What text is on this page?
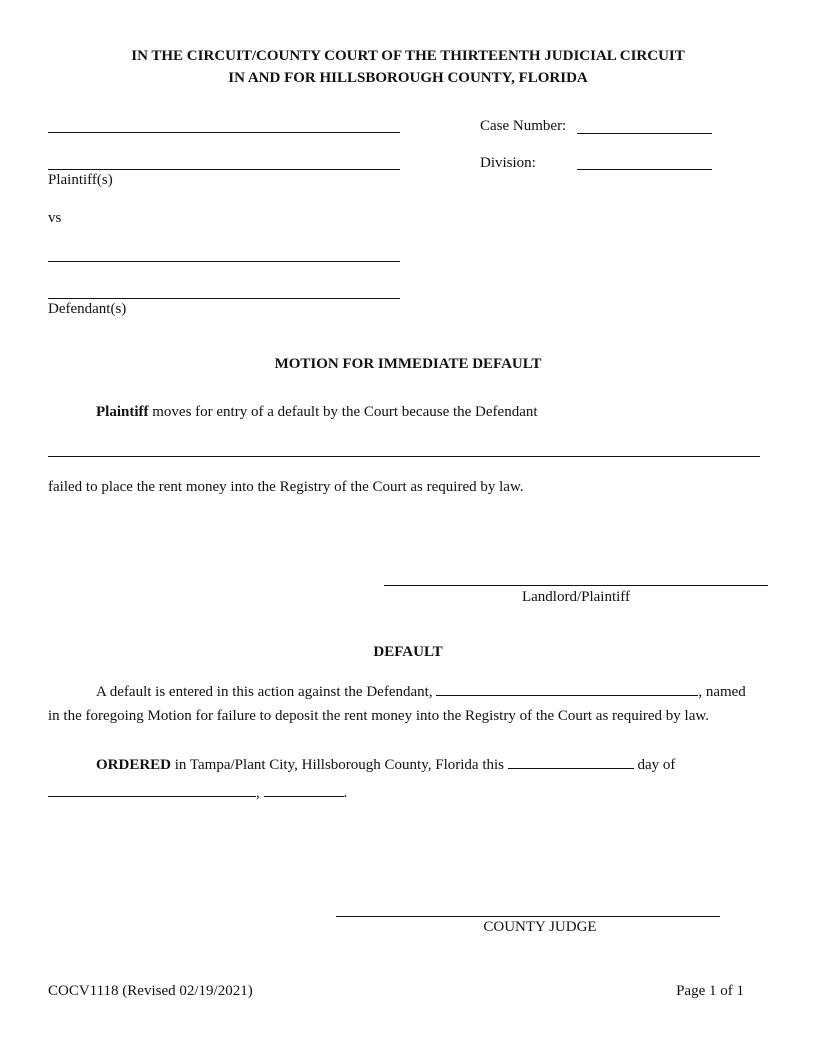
IN THE CIRCUIT/COUNTY COURT OF THE THIRTEENTH JUDICIAL CIRCUIT
IN AND FOR HILLSBOROUGH COUNTY, FLORIDA
Plaintiff(s)
vs
Defendant(s)
Case Number:
Division:
MOTION FOR IMMEDIATE DEFAULT
Plaintiff moves for entry of a default by the Court because the Defendant
failed to place the rent money into the Registry of the Court as required by law.
Landlord/Plaintiff
DEFAULT
A default is entered in this action against the Defendant,	, named
in the foregoing Motion for failure to deposit the rent money into the Registry of the Court as required by law.
ORDERED in Tampa/Plant City, Hillsborough County, Florida this	day of
,	.
COUNTY JUDGE
COCV1118 (Revised 02/19/2021)	Page 1 of 1
